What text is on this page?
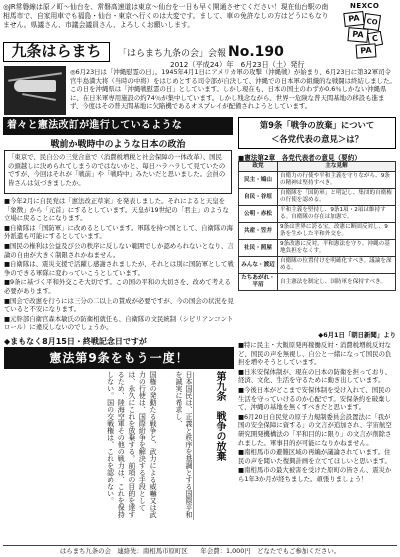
◎JR常磐線は原ノ町～仙台を、常磐高速道は東京～仙台を一日も早く開通させてください！現在仙台駅の南相馬市で、自家用車でも福島・仙台・東京へ行くのは大変です。まして、車の免許なしの方はどうにもなりません。県議さん、市議会議員さん、よろしくお願いします。
NEXCO
PA CO
PA C
PA
九条はらまち	「はらまち九条の会」会報 No.190
2012（平成24）年　6月23日（土）発行
◎6月23日は「沖縄慰霊の日」。1945年4月1日にアメリカ軍の攻撃（沖縄戦）が始まり、6月23日に第32軍司令官牛島満大将（当時の中将）をはじめとする司令部が自決して、沖縄での日本軍の組織的な戦闘は終結しました。この日を沖縄県は「沖縄戦慰霊の日」としています。しかし現在も、日本の国土のわずか0.6％しかない沖縄県に、在日米軍専用施設の約74％が集中しています。しかし残念ながら、世界一危険な普天間基地の移設も進まず、今度はその普天間基地に欠陥機であるオスプレイが配備されようとしています。
着々と憲法改訂が進行しているような
戦前か戦時中のような日本の政治
「東京で、民自公の三党合意で（消費税増税と社会保障の一体改革）、国民の頭越しに決められてしまうのではないかと、毎日ハラハラして見ていたのですが、今回はそれが「戦前」や「戦時中」みたいだと思いました。会員の皆さんは気づきましたか。

■今年2月に自民党は「憲法改正草案」を発表しました。それによると天皇を「象徴」から「元首」にするとしています。天皇が19世紀の「君主」のような立場に戻ることになります。

■自衛隊は「国防軍」に改めるとしています。軍隊を持つ国として、自衛隊の海外派遣も可能にするとしています。

■国民の権利は公益及び公の秩序に反しない範囲でしか認められないとなり、言論の自由が大きく制限されかねません。

■自衛隊は、震災支援で活躍し感謝されましたが、それとは別に国防軍として戦争のできる軍隊に変わっていこうとしています。

■9条に基づく平和外交こそ大切です。この国の平和の大切さを、改めて考える必要があります。

■国会で改憲を行うには三分の二以上の賛成が必要ですが、今の国会の状況を見ていると不安になります。

■元幹部自衛官森本敏氏の防衛相就任も、自衛隊の文民統制（シビリアンコントロール）に違反しないのでしょうか。

第9条「戦争の放棄」について
＜各党代表の意見＞は？
■憲法第2章　各党代表者の意見（要約）
政党	主な見解
民主・鳩山	自衛力の行使や平和主義を守りながら、9条の精神は堅持すべき。
自民・谷垣	自衛隊を「国防軍」と明記し、集団的自衛権の行使を認める。
公明・赤松	平和主義を堅持し、9条1項・2項は維持する。自衛隊の存在は加憲で。
共産・笠井	9条は世界に誇る宝。改憲に断固反対し、9条を生かした平和外交を。
社民・照屋	9条改憲に反対。平和憲法を守り、沖縄の基地負担をなくす。
みんな・渡辺	自衛隊の位置付けを明確化すべき。議論を深める。
たちあがれ・平沼	自主憲法を制定し、国防軍を保持すべき。
◆6月1日「朝日新聞」より
◆まもなく8月15日・終戦記念日ですが
憲法第9条をもう一度！
第九条　戦争の放棄
日本国民は、正義と秩序を基調とする国際平和を誠実に希求し、
国権の発動たる戦争と、武力による威嚇又は武力の行使は、国際紛争を解決する手段としては、永久にこれを放棄する。前項の目的を達するため、陸海空軍その他の戦力は、これを保持しない。国の交戦権は、これを認めない。

■特に民主・大飯原発再稼働反対・消費税増税反対など、国民の声を無視し、自公と一緒になって国民の負担を増やそうとしています。

■日米安保体制が、現在の日本の防衛を担っており、経済、文化、生活を守るために動き出しています。

■今後日本がどこまで安保体制を受け入れて、国民の生活を守っていけるのか心配です。安保条約を破棄して、沖縄の基地を無くすべきだと思います。

■6月20日自民党の原子力規制委員会設置法に「我が国の安全保障に資する」の文言が追加され、宇宙航空研究開発機構法の「平和目的に限り」の文言が削除されました。軍事目的が可能になりかねません。

■南相馬市の避難区域の再編が議論されています。住民の声を聞いた復興計画を立ててほしいと思います。

■南相馬市の最大被害を受けた原町の皆さん、震災から1年3か月が経ちました。頑張りましょう！

はらまち九条の会　連絡先：南相馬市原町区　　年会費：1,000円　どなたでもご参加ください。
